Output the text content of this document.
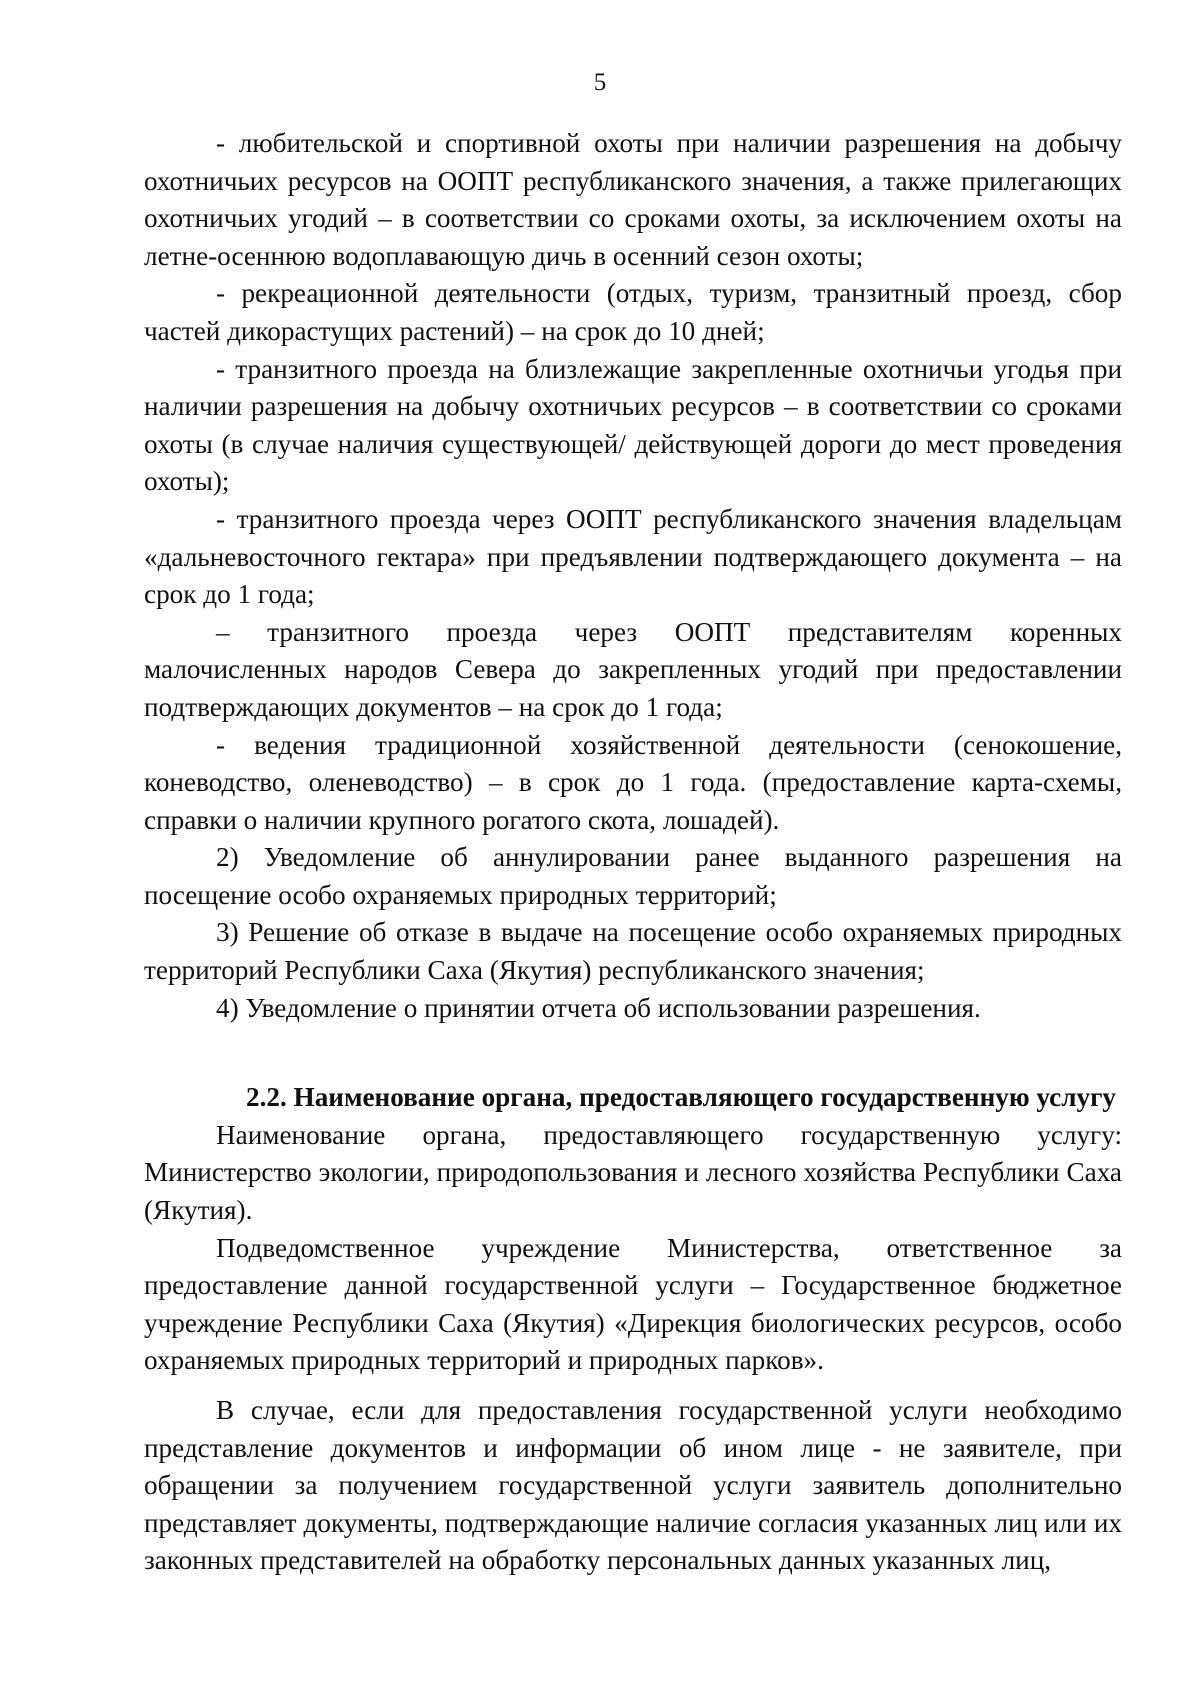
5

- любительской и спортивной охоты при наличии разрешения на добычу охотничьих ресурсов на ООПТ республиканского значения, а также прилегающих охотничьих угодий – в соответствии со сроками охоты, за исключением охоты на летне-осеннюю водоплавающую дичь в осенний сезон охоты;

- рекреационной деятельности (отдых, туризм, транзитный проезд, сбор частей дикорастущих растений) – на срок до 10 дней;

- транзитного проезда на близлежащие закрепленные охотничьи угодья при наличии разрешения на добычу охотничьих ресурсов – в соответствии со сроками охоты (в случае наличия существующей/ действующей дороги до мест проведения охоты);

- транзитного проезда через ООПТ республиканского значения владельцам «дальневосточного гектара» при предъявлении подтверждающего документа – на срок до 1 года;

– транзитного проезда через ООПТ представителям коренных малочисленных народов Севера до закрепленных угодий при предоставлении подтверждающих документов – на срок до 1 года;

- ведения традиционной хозяйственной деятельности (сенокошение, коневодство, оленеводство) – в срок до 1 года. (предоставление карта-схемы, справки о наличии крупного рогатого скота, лошадей).

2) Уведомление об аннулировании ранее выданного разрешения на посещение особо охраняемых природных территорий;

3) Решение об отказе в выдаче на посещение особо охраняемых природных территорий Республики Саха (Якутия) республиканского значения;

4) Уведомление о принятии отчета об использовании разрешения.

2.2. Наименование органа, предоставляющего государственную услугу

Наименование органа, предоставляющего государственную услугу: Министерство экологии, природопользования и лесного хозяйства Республики Саха (Якутия).

Подведомственное учреждение Министерства, ответственное за предоставление данной государственной услуги – Государственное бюджетное учреждение Республики Саха (Якутия) «Дирекция биологических ресурсов, особо охраняемых природных территорий и природных парков».

В случае, если для предоставления государственной услуги необходимо представление документов и информации об ином лице - не заявителе, при обращении за получением государственной услуги заявитель дополнительно представляет документы, подтверждающие наличие согласия указанных лиц или их законных представителей на обработку персональных данных указанных лиц,
